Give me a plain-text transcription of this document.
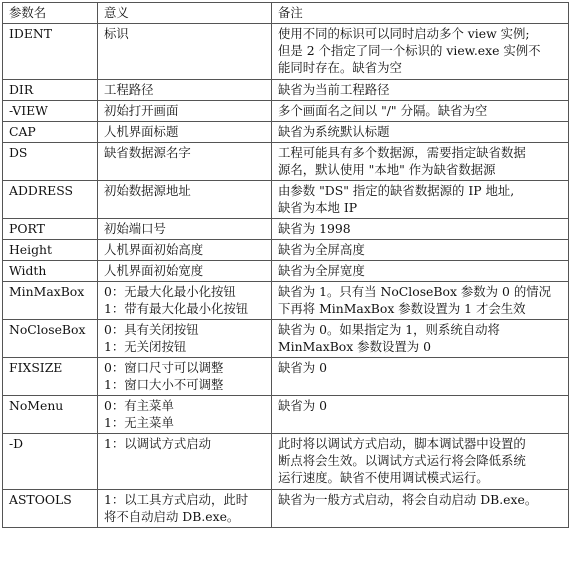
参数名	意义	备注
IDENT	标识	使用不同的标识可以同时启动多个 view 实例;
但是 2 个指定了同一个标识的 view.exe 实例不
能同时存在。缺省为空

DIR	工程路径	缺省为当前工程路径

-VIEW	初始打开画面	多个画面名之间以 "/" 分隔。缺省为空

CAP	人机界面标题	缺省为系统默认标题

DS	缺省数据源名字	工程可能具有多个数据源，需要指定缺省数据
源名，默认使用 "本地" 作为缺省数据源

ADDRESS	初始数据源地址	由参数 "DS" 指定的缺省数据源的 IP 地址,
缺省为本地 IP

PORT	初始端口号	缺省为 1998

Height	人机界面初始高度	缺省为全屏高度

Width	人机界面初始宽度	缺省为全屏宽度

MinMaxBox	0：无最大化最小化按钮
1：带有最大化最小化按钮	缺省为 1。只有当 NoCloseBox 参数为 0 的情况
下再将 MinMaxBox 参数设置为 1 才会生效

NoCloseBox	0：具有关闭按钮
1：无关闭按钮	缺省为 0。如果指定为 1，则系统自动将
MinMaxBox 参数设置为 0

FIXSIZE	0：窗口尺寸可以调整
1：窗口大小不可调整	缺省为 0

NoMenu	0：有主菜单
1：无主菜单	缺省为 0

-D	1：以调试方式启动	此时将以调试方式启动，脚本调试器中设置的
断点将会生效。以调试方式运行将会降低系统
运行速度。缺省不使用调试模式运行。

ASTOOLS	1：以工具方式启动，此时
将不自动启动 DB.exe。	缺省为一般方式启动，将会自动启动 DB.exe。
